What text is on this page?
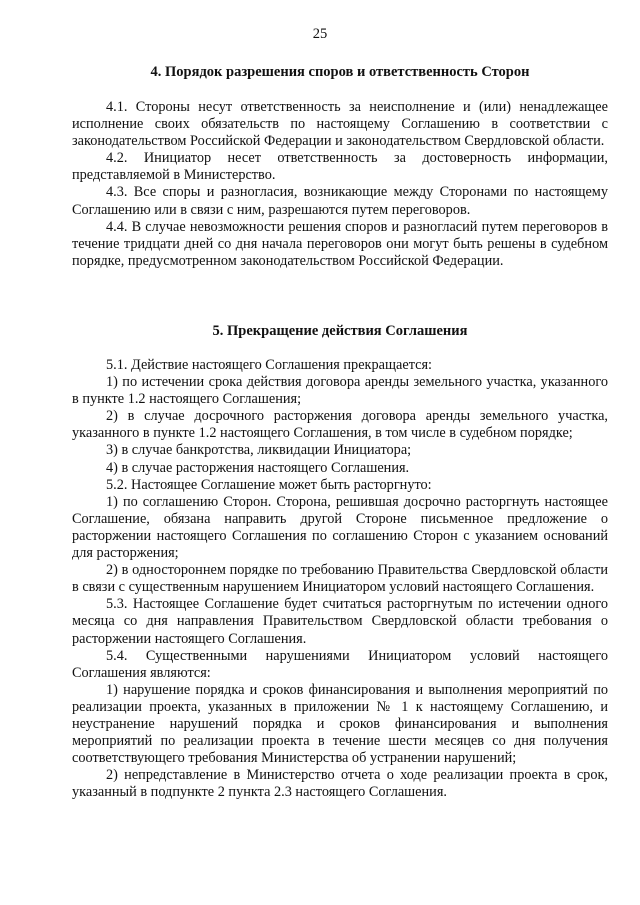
25
4. Порядок разрешения споров и ответственность Сторон

4.1. Стороны несут ответственность за неисполнение и (или) ненадлежащее исполнение своих обязательств по настоящему Соглашению в соответствии с законодательством Российской Федерации и законодательством Свердловской области.

4.2. Инициатор несет ответственность за достоверность информации, представляемой в Министерство.

4.3. Все споры и разногласия, возникающие между Сторонами по настоящему Соглашению или в связи с ним, разрешаются путем переговоров.

4.4. В случае невозможности решения споров и разногласий путем переговоров в течение тридцати дней со дня начала переговоров они могут быть решены в судебном порядке, предусмотренном законодательством Российской Федерации.

5. Прекращение действия Соглашения

5.1. Действие настоящего Соглашения прекращается:

1) по истечении срока действия договора аренды земельного участка, указанного в пункте 1.2 настоящего Соглашения;

2) в случае досрочного расторжения договора аренды земельного участка, указанного в пункте 1.2 настоящего Соглашения, в том числе в судебном порядке;

3) в случае банкротства, ликвидации Инициатора;

4) в случае расторжения настоящего Соглашения.

5.2. Настоящее Соглашение может быть расторгнуто:

1) по соглашению Сторон. Сторона, решившая досрочно расторгнуть настоящее Соглашение, обязана направить другой Стороне письменное предложение о расторжении настоящего Соглашения по соглашению Сторон с указанием оснований для расторжения;

2) в одностороннем порядке по требованию Правительства Свердловской области в связи с существенным нарушением Инициатором условий настоящего Соглашения.

5.3. Настоящее Соглашение будет считаться расторгнутым по истечении одного месяца со дня направления Правительством Свердловской области требования о расторжении настоящего Соглашения.

5.4. Существенными нарушениями Инициатором условий настоящего Соглашения являются:

1) нарушение порядка и сроков финансирования и выполнения мероприятий по реализации проекта, указанных в приложении № 1 к настоящему Соглашению, и неустранение нарушений порядка и сроков финансирования и выполнения мероприятий по реализации проекта в течение шести месяцев со дня получения соответствующего требования Министерства об устранении нарушений;

2) непредставление в Министерство отчета о ходе реализации проекта в срок, указанный в подпункте 2 пункта 2.3 настоящего Соглашения.
